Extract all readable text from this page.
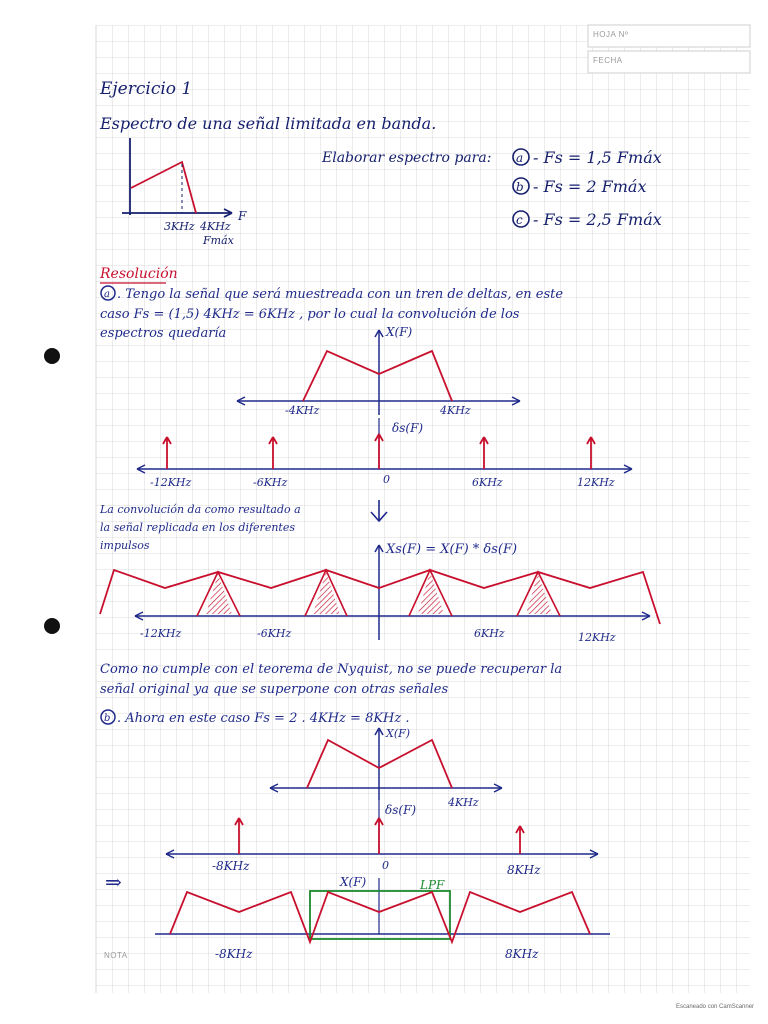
HOJA Nº
FECHA
Ejercicio 1
Espectro de una señal limitada en banda.
F
3KHz 4KHz
Fmáx
Elaborar espectro para: a - Fs = 1,5 Fmáx
b - Fs = 2 Fmáx
c - Fs = 2,5 Fmáx
Resolución
a . Tengo la señal que será muestreada con un tren de deltas, en este
caso Fs = (1,5) 4KHz = 6KHz , por lo cual la convolución de los
espectros quedaría	X(F)
-4KHz	4KHz
δs(F)
-12KHz	-6KHz	0	6KHz	12KHz
La convolución da como resultado a
la señal replicada en los diferentes
impulsos	Xs(F) = X(F) * δs(F)
-12KHz	-6KHz	6KHz	12KHz
Como no cumple con el teorema de Nyquist, no se puede recuperar la
señal original ya que se superpone con otras señales
b . Ahora en este caso Fs = 2 . 4KHz = 8KHz .
X(F)
4KHz
δs(F)
-8KHz	0	8KHz
⇒	X(F)	LPF
-8KHz	8KHz
NOTA
Escaneado con CamScanner
